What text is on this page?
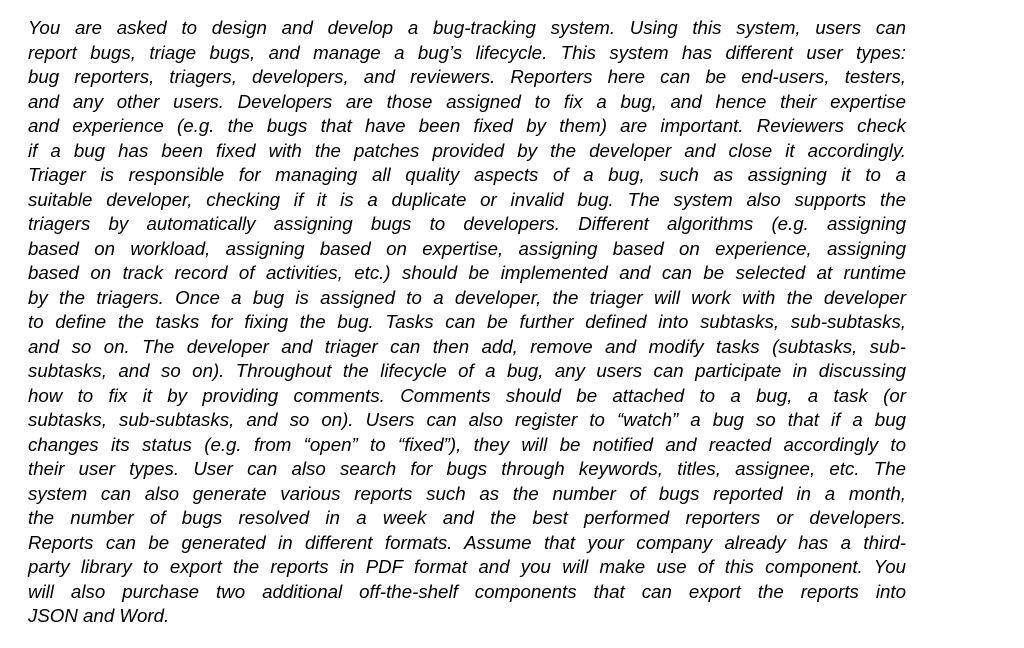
You are asked to design and develop a bug-tracking system. Using this system, users can
report bugs, triage bugs, and manage a bug’s lifecycle. This system has different user types:
bug reporters, triagers, developers, and reviewers. Reporters here can be end-users, testers,
and any other users. Developers are those assigned to fix a bug, and hence their expertise
and experience (e.g. the bugs that have been fixed by them) are important. Reviewers check
if a bug has been fixed with the patches provided by the developer and close it accordingly.
Triager is responsible for managing all quality aspects of a bug, such as assigning it to a
suitable developer, checking if it is a duplicate or invalid bug. The system also supports the
triagers by automatically assigning bugs to developers. Different algorithms (e.g. assigning
based on workload, assigning based on expertise, assigning based on experience, assigning
based on track record of activities, etc.) should be implemented and can be selected at runtime
by the triagers. Once a bug is assigned to a developer, the triager will work with the developer
to define the tasks for fixing the bug. Tasks can be further defined into subtasks, sub-subtasks,
and so on. The developer and triager can then add, remove and modify tasks (subtasks, sub-
subtasks, and so on). Throughout the lifecycle of a bug, any users can participate in discussing
how to fix it by providing comments. Comments should be attached to a bug, a task (or
subtasks, sub-subtasks, and so on). Users can also register to “watch” a bug so that if a bug
changes its status (e.g. from “open” to “fixed”), they will be notified and reacted accordingly to
their user types. User can also search for bugs through keywords, titles, assignee, etc. The
system can also generate various reports such as the number of bugs reported in a month,
the number of bugs resolved in a week and the best performed reporters or developers.
Reports can be generated in different formats. Assume that your company already has a third-
party library to export the reports in PDF format and you will make use of this component. You
will also purchase two additional off-the-shelf components that can export the reports into
JSON and Word.
